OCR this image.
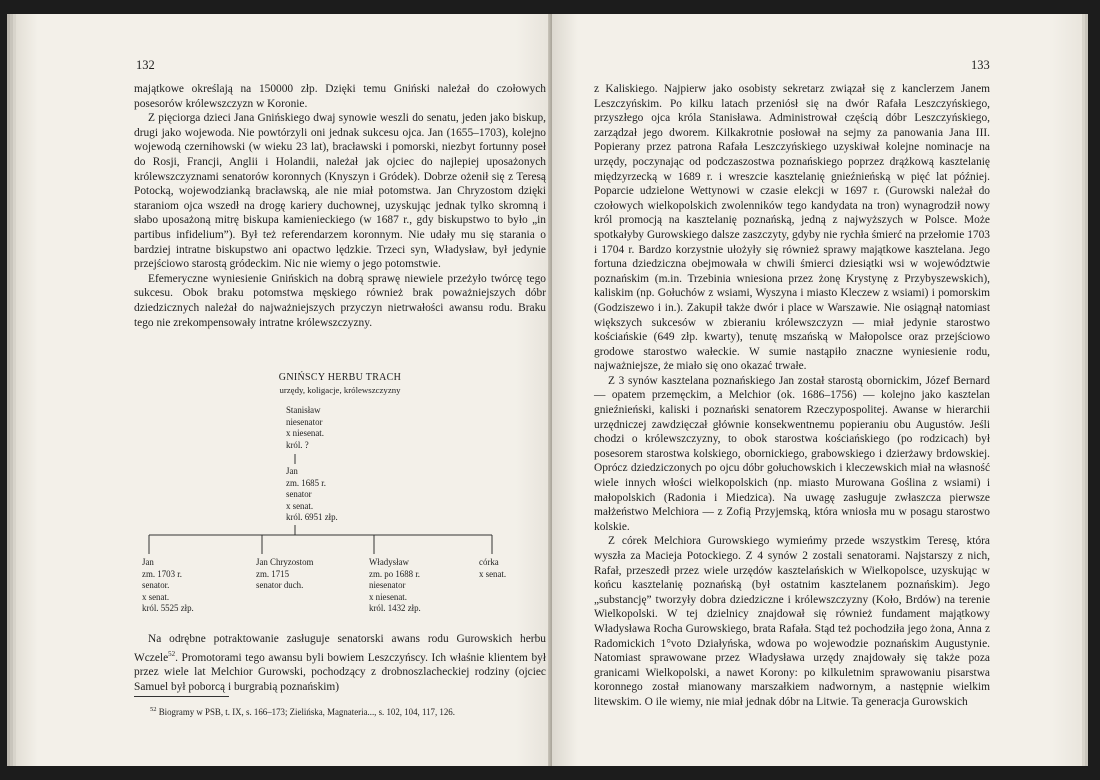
132

majątkowe określają na 150000 złp. Dzięki temu Gniński należał do czołowych posesorów królewszczyzn w Koronie.

Z pięciorga dzieci Jana Gnińskiego dwaj synowie weszli do senatu, jeden jako biskup, drugi jako wojewoda. Nie powtórzyli oni jednak sukcesu ojca. Jan (1655–1703), kolejno wojewodą czernihowski (w wieku 23 lat), bracławski i pomorski, niezbyt fortunny poseł do Rosji, Francji, Anglii i Holandii, należał jak ojciec do najlepiej uposażonych królewszczyznami senatorów koronnych (Knyszyn i Gródek). Dobrze ożenił się z Teresą Potocką, wojewodzianką bracławską, ale nie miał potomstwa. Jan Chryzostom dzięki staraniom ojca wszedł na drogę kariery duchownej, uzyskując jednak tylko skromną i słabo uposażoną mitrę biskupa kamienieckiego (w 1687 r., gdy biskupstwo to było „in partibus infidelium”). Był też referendarzem koronnym. Nie udały mu się starania o bardziej intratne biskupstwo ani opactwo lędzkie. Trzeci syn, Władysław, był jedynie przejściowo starostą gródeckim. Nic nie wiemy o jego potomstwie.

Efemeryczne wyniesienie Gnińskich na dobrą sprawę niewiele przeżyło twórcę tego sukcesu. Obok braku potomstwa męskiego również brak poważniejszych dóbr dziedzicznych należał do najważniejszych przyczyn nietrwałości awansu rodu. Braku tego nie zrekompensowały intratne królewszczyzny.

GNIŃSCY HERBU TRACH
urzędy, koligacje, królewszczyzny
Stanisław
niesenator
x niesenat.
król. ?
Jan
zm. 1685 r.
senator
x senat.
król. 6951 złp.
Jan
zm. 1703 r.
senator.
x senat.
król. 5525 złp.
Jan Chryzostom
zm. 1715
senator duch.
Władysław
zm. po 1688 r.
niesenator
x niesenat.
król. 1432 złp.
córka
x senat.

Na odrębne potraktowanie zasługuje senatorski awans rodu Gurowskich herbu Wczele$^{52}$. Promotorami tego awansu byli bowiem Leszczyńscy. Ich właśnie klientem był przez wiele lat Melchior Gurowski, pochodzący z drobnoszlacheckiej rodziny (ojciec Samuel był poborcą i burgrabią poznańskim)

$^{52}$ Biogramy w PSB, t. IX, s. 166–173; Zielińska, Magnateria..., s. 102, 104, 117, 126.
133

z Kaliskiego. Najpierw jako osobisty sekretarz związał się z kanclerzem Janem Leszczyńskim. Po kilku latach przeniósł się na dwór Rafała Leszczyńskiego, przyszłego ojca króla Stanisława. Administrował częścią dóbr Leszczyńskiego, zarządzał jego dworem. Kilkakrotnie posłował na sejmy za panowania Jana III. Popierany przez patrona Rafała Leszczyńskiego uzyskiwał kolejne nominacje na urzędy, poczynając od podczaszostwa poznańskiego poprzez drążkową kasztelanię międzyrzecką w 1689 r. i wreszcie kasztelanię gnieźnieńską w pięć lat później. Poparcie udzielone Wettynowi w czasie elekcji w 1697 r. (Gurowski należał do czołowych wielkopolskich zwolenników tego kandydata na tron) wynagrodził nowy król promocją na kasztelanię poznańską, jedną z najwyższych w Polsce. Może spotkałyby Gurowskiego dalsze zaszczyty, gdyby nie rychła śmierć na przełomie 1703 i 1704 r. Bardzo korzystnie ułożyły się również sprawy majątkowe kasztelana. Jego fortuna dziedziczna obejmowała w chwili śmierci dziesiątki wsi w województwie poznańskim (m.in. Trzebinia wniesiona przez żonę Krystynę z Przybyszewskich), kaliskim (np. Gołuchów z wsiami, Wyszyna i miasto Kleczew z wsiami) i pomorskim (Godziszewo i in.). Zakupił także dwór i place w Warszawie. Nie osiągnął natomiast większych sukcesów w zbieraniu królewszczyzn — miał jedynie starostwo kościańskie (649 złp. kwarty), tenutę mszańską w Małopolsce oraz przejściowo grodowe starostwo wałeckie. W sumie nastąpiło znaczne wyniesienie rodu, najważniejsze, że miało się ono okazać trwałe.

Z 3 synów kasztelana poznańskiego Jan został starostą obornickim, Józef Bernard — opatem przemęckim, a Melchior (ok. 1686–1756) — kolejno jako kasztelan gnieźnieński, kaliski i poznański senatorem Rzeczypospolitej. Awanse w hierarchii urzędniczej zawdzięczał głównie konsekwentnemu popieraniu obu Augustów. Jeśli chodzi o królewszczyzny, to obok starostwa kościańskiego (po rodzicach) był posesorem starostwa kolskiego, obornickiego, grabowskiego i dzierżawy brdowskiej. Oprócz dziedziczonych po ojcu dóbr gołuchowskich i kleczewskich miał na własność wiele innych włości wielkopolskich (np. miasto Murowana Goślina z wsiami) i małopolskich (Radonia i Miedzica). Na uwagę zasługuje zwłaszcza pierwsze małżeństwo Melchiora — z Zofią Przyjemską, która wniosła mu w posagu starostwo kolskie.

Z córek Melchiora Gurowskiego wymieńmy przede wszystkim Teresę, która wyszła za Macieja Potockiego. Z 4 synów 2 zostali senatorami. Najstarszy z nich, Rafał, przeszedł przez wiele urzędów kasztelańskich w Wielkopolsce, uzyskując w końcu kasztelanię poznańską (był ostatnim kasztelanem poznańskim). Jego „substancję” tworzyły dobra dziedziczne i królewszczyzny (Koło, Brdów) na terenie Wielkopolski. W tej dzielnicy znajdował się również fundament majątkowy Władysława Rocha Gurowskiego, brata Rafała. Stąd też pochodziła jego żona, Anna z Radomickich 1°voto Działyńska, wdowa po wojewodzie poznańskim Augustynie. Natomiast sprawowane przez Władysława urzędy znajdowały się także poza granicami Wielkopolski, a nawet Korony: po kilkuletnim sprawowaniu pisarstwa koronnego został mianowany marszałkiem nadwornym, a następnie wielkim litewskim. O ile wiemy, nie miał jednak dóbr na Litwie. Ta generacja Gurowskich
